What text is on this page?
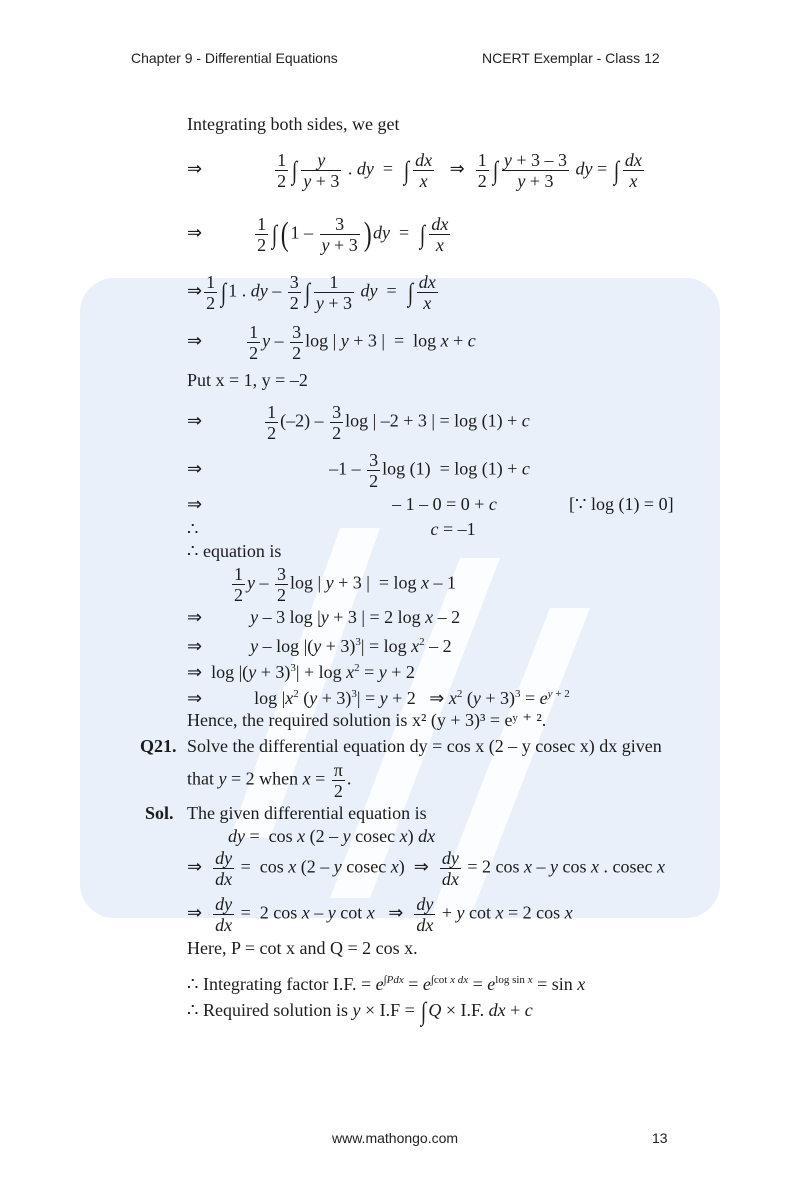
Chapter 9 - Differential Equations	NCERT Exemplar - Class 12
Integrating both sides, we get
⇒	$\frac{1}{2}$ ∫ $\frac{y}{y + 3}$ . dy  =  ∫ $\frac{dx}{x}$ ⇒ $\frac{1}{2}$ ∫ $\frac{y + 3 - 3}{y + 3}$ dy = ∫ $\frac{dx}{x}$
⇒	$\frac{1}{2}$ ∫ $(1 - \frac{3}{y + 3} )dy$  =  ∫ $\frac{dx}{x}$
⇒ $\frac{1}{2}$ ∫ 1 . dy – $\frac{3}{2}$ ∫ $\frac{1}{y + 3}$ dy  =  ∫ $\frac{dx}{x}$
⇒	$\frac{1}{2}$ y – $\frac{3}{2}$ log | y + 3 |  =  log x + c
Put x = 1, y = –2
⇒	$\frac{1}{2} (-2) - \frac{3}{2}$ log | –2 + 3 | = log (1) + c
⇒	$-1 - \frac{3}{2}$ log (1)  = log (1) + c
⇒	– 1 – 0 = 0 + c	[∵ log (1) = 0]
∴	c = –1
∴ equation is
$\frac{1}{2}$ y – $\frac{3}{2}$ log | y + 3 |  = log x – 1
⇒	y – 3 log |y + 3 | = 2 log x – 2
⇒	$y - \log |(y + 3)^3| = \log x^2 - 2$
⇒  $\log |(y + 3)^3| + \log x^2 = y + 2$
⇒	$\log |x^2$ $(y + 3)^3| = y + 2$   ⇒ $x^2$ $(y + 3)^3 = e^{y + 2}$
Hence, the required solution is x² (y + 3)³ = eʸ ⁺ ².
Q21. Solve the differential equation dy = cos x (2 – y cosec x) dx given
that y = 2 when $x = \frac{\pi}{2}$ .
Sol. The given differential equation is
dy =  cos x (2 – y cosec x) dx
⇒ $\frac{dy}{dx} = \cos x$ (2 – y cosec x)  ⇒ $\frac{dy}{dx} = 2$ cos x – y cos x . cosec x
⇒ $\frac{dy}{dx} = 2$ cos x – y cot x   ⇒ $\frac{dy}{dx} + y$ cot x = 2 cos x
Here, P = cot x and Q = 2 cos x.
∴ Integrating factor I.F. = $e^{\int Pdx} = e^{\int cot x dx} = e^{log sin x} = \sin x$
∴ Required solution is y × I.F = ∫ Q × I.F. dx + c
www.mathongo.com	13
